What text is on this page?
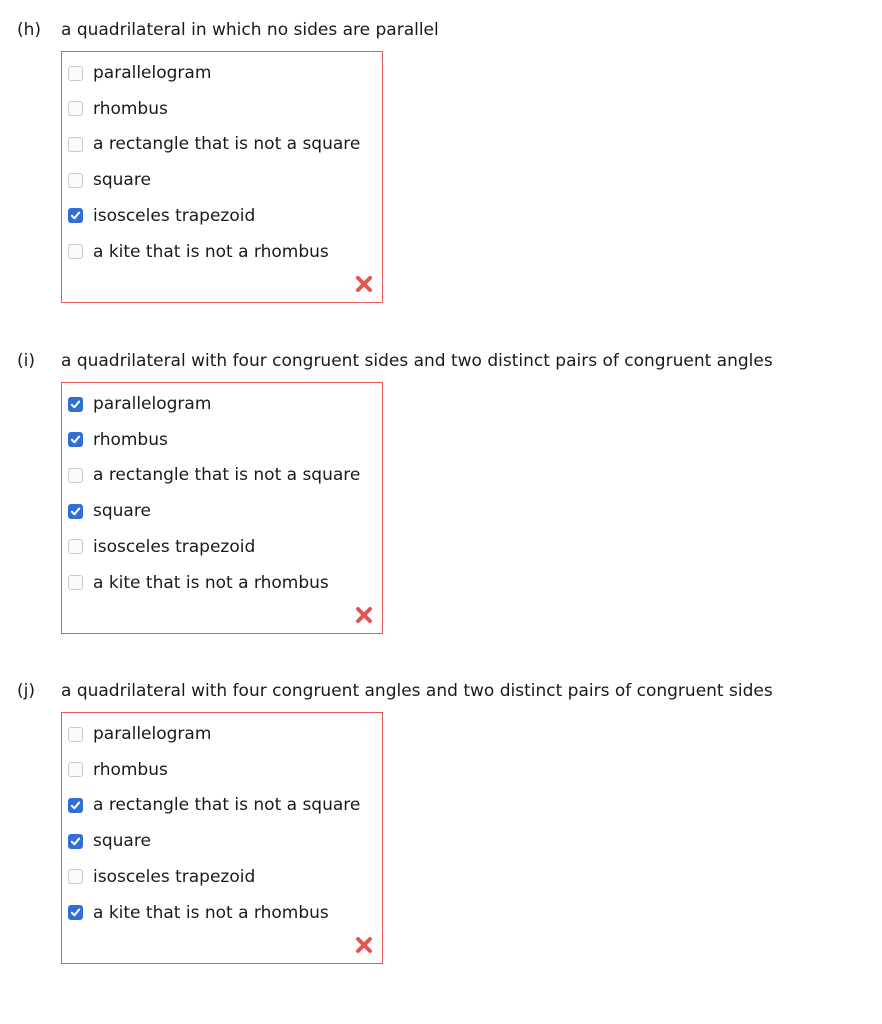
(h)	a quadrilateral in which no sides are parallel
parallelogram
rhombus
a rectangle that is not a square
square
isosceles trapezoid
a kite that is not a rhombus
(i)	a quadrilateral with four congruent sides and two distinct pairs of congruent angles
parallelogram
rhombus
a rectangle that is not a square
square
isosceles trapezoid
a kite that is not a rhombus
(j)	a quadrilateral with four congruent angles and two distinct pairs of congruent sides
parallelogram
rhombus
a rectangle that is not a square
square
isosceles trapezoid
a kite that is not a rhombus
